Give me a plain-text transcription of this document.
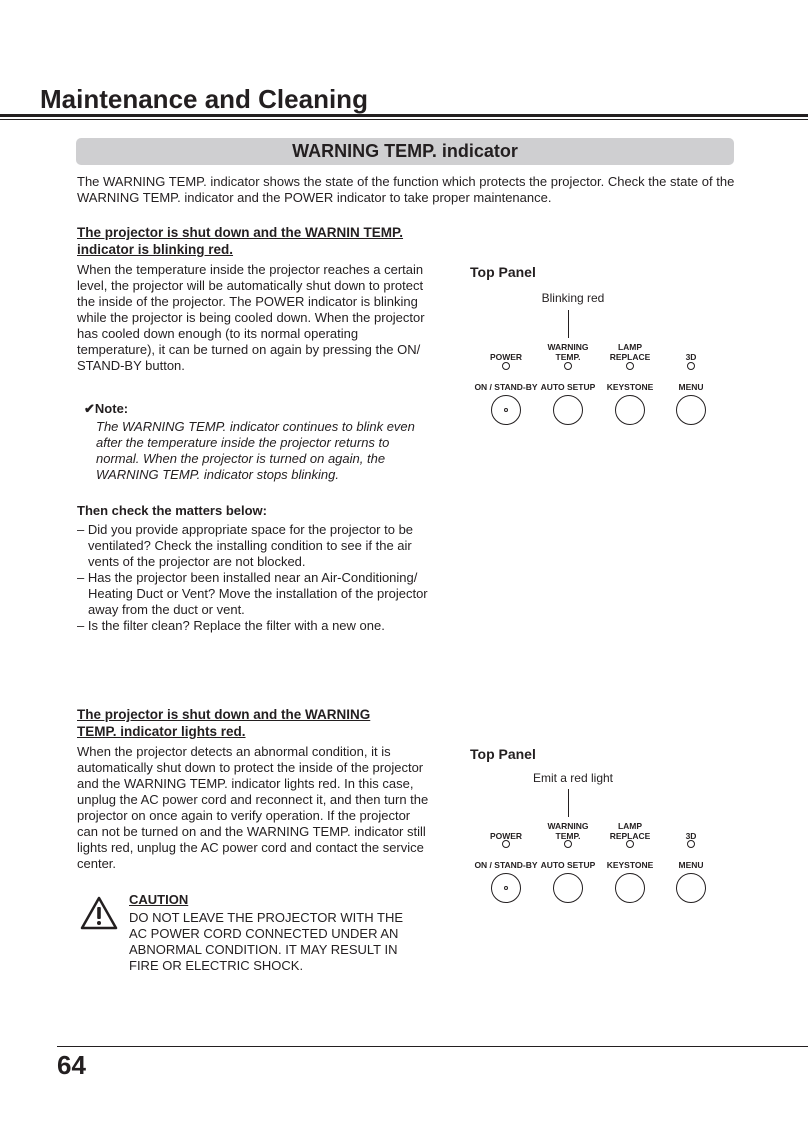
Maintenance and Cleaning
WARNING TEMP. indicator

The WARNING TEMP. indicator shows the state of the function which protects the projector. Check the state of the WARNING TEMP. indicator and the POWER indicator to take proper maintenance.

The projector is shut down and the WARNIN TEMP.
indicator is blinking red.

When the temperature inside the projector reaches a certain level, the projector will be automatically shut down to protect the inside of the projector. The POWER indicator is blinking while the projector is being cooled down. When the projector has cooled down enough (to its normal operating temperature), it can be turned on again by pressing the ON/ STAND-BY button.

✔Note:

The WARNING TEMP. indicator continues to blink even after the temperature inside the projector returns to normal. When the projector is turned on again, the WARNING TEMP. indicator stops blinking.

Then check the matters below:

– Did you provide appropriate space for the projector to be ventilated? Check the installing condition to see if the air vents of the projector are not blocked.

– Has the projector been installed near an Air-Conditioning/ Heating Duct or Vent? Move the installation of the projector away from the duct or vent.

– Is the filter clean? Replace the filter with a new one.

Top Panel
Blinking red

POWER
WARNING
TEMP.
LAMP
REPLACE	3D
ON / STAND-BY AUTO SETUP	KEYSTONE	MENU

The projector is shut down and the WARNING
TEMP. indicator lights red.

When the projector detects an abnormal condition, it is automatically shut down to protect the inside of the projector and the WARNING TEMP. indicator lights red. In this case, unplug the AC power cord and reconnect it, and then turn the projector on once again to verify operation. If the projector can not be turned on and the WARNING TEMP. indicator still lights red, unplug the AC power cord and contact the service center.

CAUTION

DO NOT LEAVE THE PROJECTOR WITH THE AC POWER CORD CONNECTED UNDER AN ABNORMAL CONDITION. IT MAY RESULT IN FIRE OR ELECTRIC SHOCK.

Top Panel
Emit a red light

POWER
WARNING
TEMP.
LAMP
REPLACE	3D
ON / STAND-BY AUTO SETUP	KEYSTONE	MENU
64
